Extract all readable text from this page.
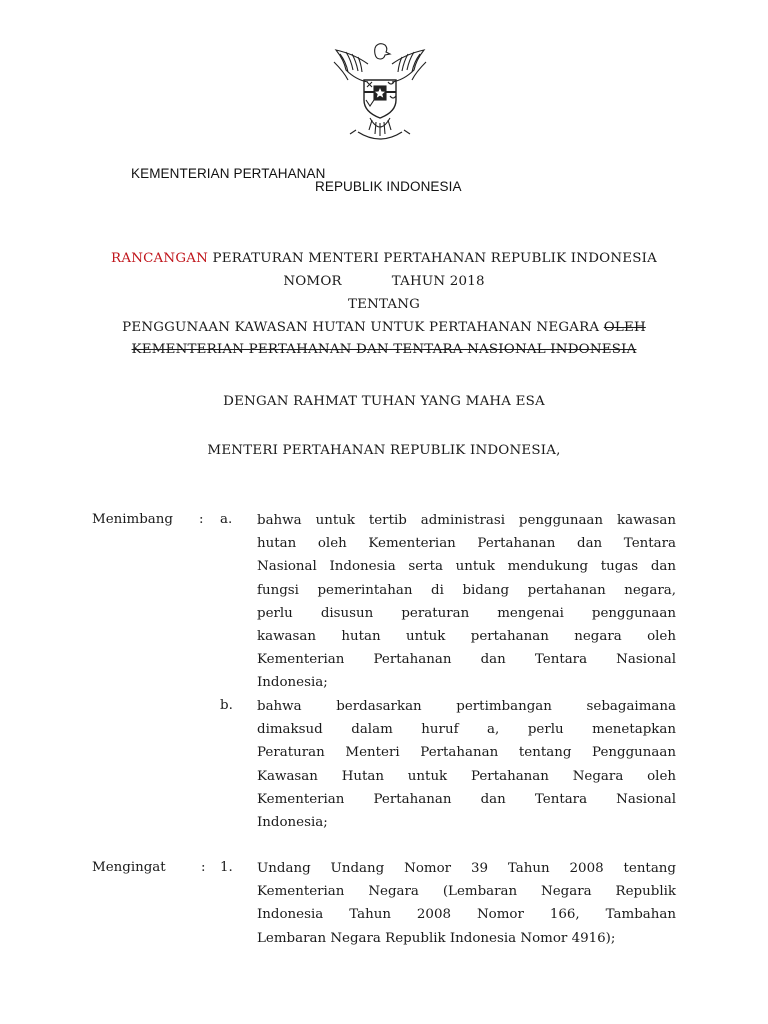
KEMENTERIAN PERTAHANAN
REPUBLIK INDONESIA
RANCANGAN PERATURAN MENTERI PERTAHANAN REPUBLIK INDONESIA
NOMOR	TAHUN 2018
TENTANG
PENGGUNAAN KAWASAN HUTAN UNTUK PERTAHANAN NEGARA OLEH
KEMENTERIAN PERTAHANAN DAN TENTARA NASIONAL INDONESIA
DENGAN RAHMAT TUHAN YANG MAHA ESA
MENTERI PERTAHANAN REPUBLIK INDONESIA,
Menimbang : a. bahwa untuk tertib administrasi penggunaan kawasan
hutan oleh Kementerian Pertahanan dan Tentara
Nasional Indonesia serta untuk mendukung tugas dan
fungsi pemerintahan di bidang pertahanan negara,
perlu disusun peraturan mengenai penggunaan
kawasan hutan untuk pertahanan negara oleh
Kementerian Pertahanan dan Tentara Nasional
Indonesia;
b. bahwa berdasarkan pertimbangan sebagaimana
dimaksud dalam huruf a, perlu menetapkan
Peraturan Menteri Pertahanan tentang Penggunaan
Kawasan Hutan untuk Pertahanan Negara oleh
Kementerian Pertahanan dan Tentara Nasional
Indonesia;
Mengingat	: 1. Undang Undang Nomor 39 Tahun 2008 tentang
Kementerian Negara (Lembaran Negara Republik
Indonesia Tahun 2008 Nomor 166, Tambahan
Lembaran Negara Republik Indonesia Nomor 4916);
